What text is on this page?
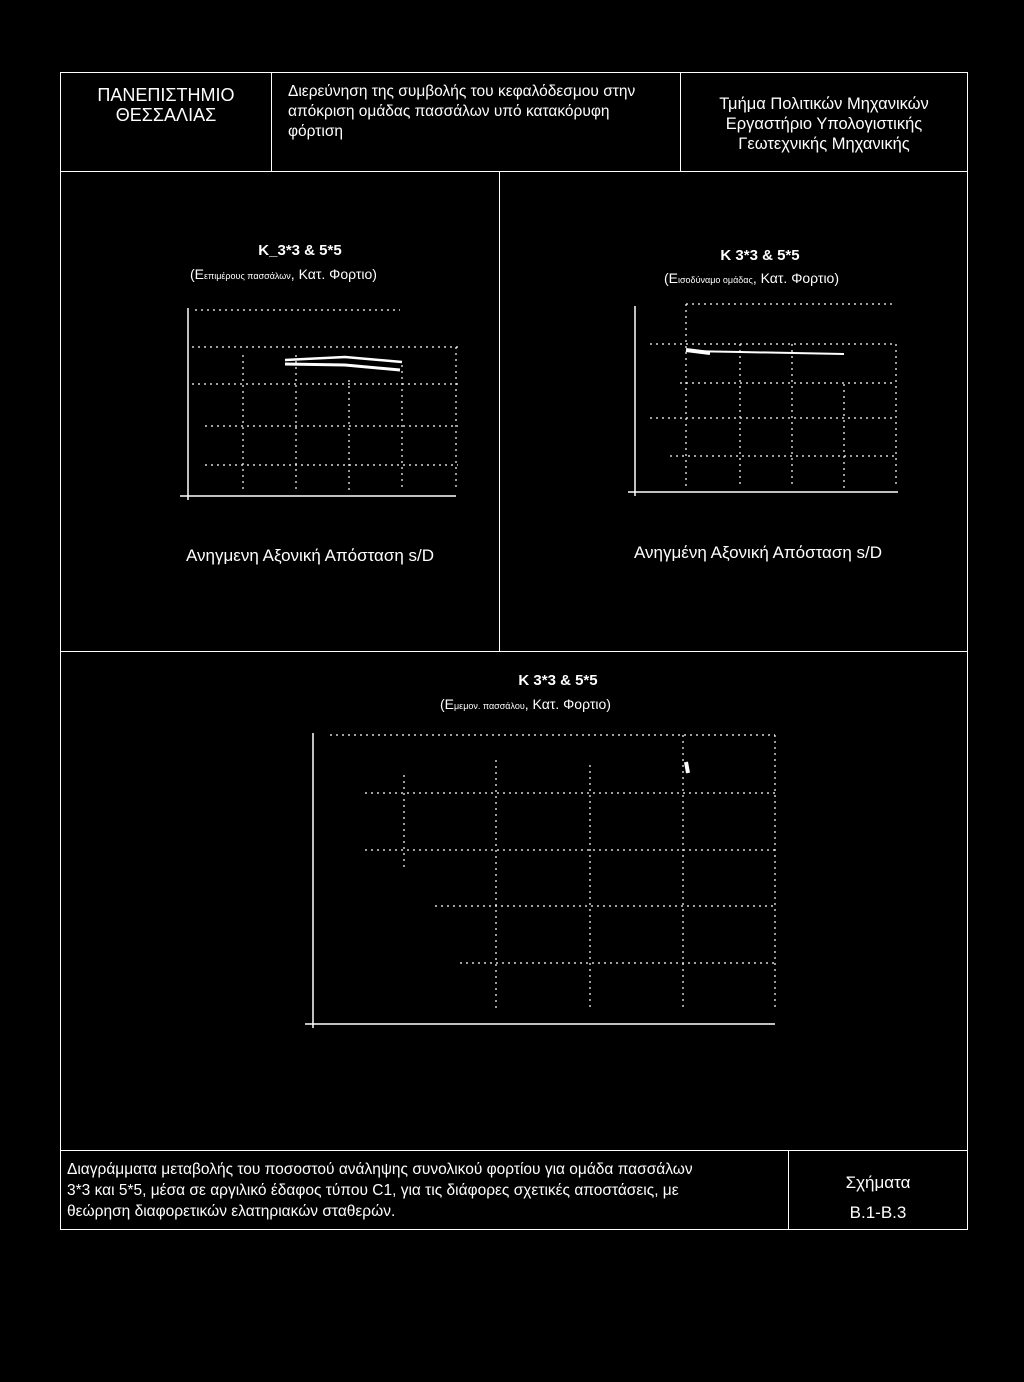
ΠΑΝΕΠΙΣΤΗΜΙΟ
ΘΕΣΣΑΛΙΑΣ
Διερεύνηση της συμβολής του κεφαλόδεσμου στην
απόκριση ομάδας πασσάλων υπό κατακόρυφη
φόρτιση
Τμήμα Πολιτικών Μηχανικών
Εργαστήριο Υπολογιστικής
Γεωτεχνικής Μηχανικής
K_3*3 & 5*5
(Eεπιμέρους πασσάλων, Κατ. Φορτιο)
Ανηγμενη Αξονική Απόσταση s/D
K 3*3 & 5*5
(Eισοδύναμο ομάδας, Κατ. Φορτιο)
Ανηγμένη Αξονική Απόσταση s/D
K 3*3 & 5*5
(Eμεμον. πασσάλου, Κατ. Φορτιο)
Διαγράμματα μεταβολής του ποσοστού ανάληψης συνολικού φορτίου για ομάδα πασσάλων
3*3 και 5*5, μέσα σε αργιλικό έδαφος τύπου C1, για τις διάφορες σχετικές αποστάσεις, με
θεώρηση διαφορετικών ελατηριακών σταθερών.
Σχήματα
Β.1-Β.3
